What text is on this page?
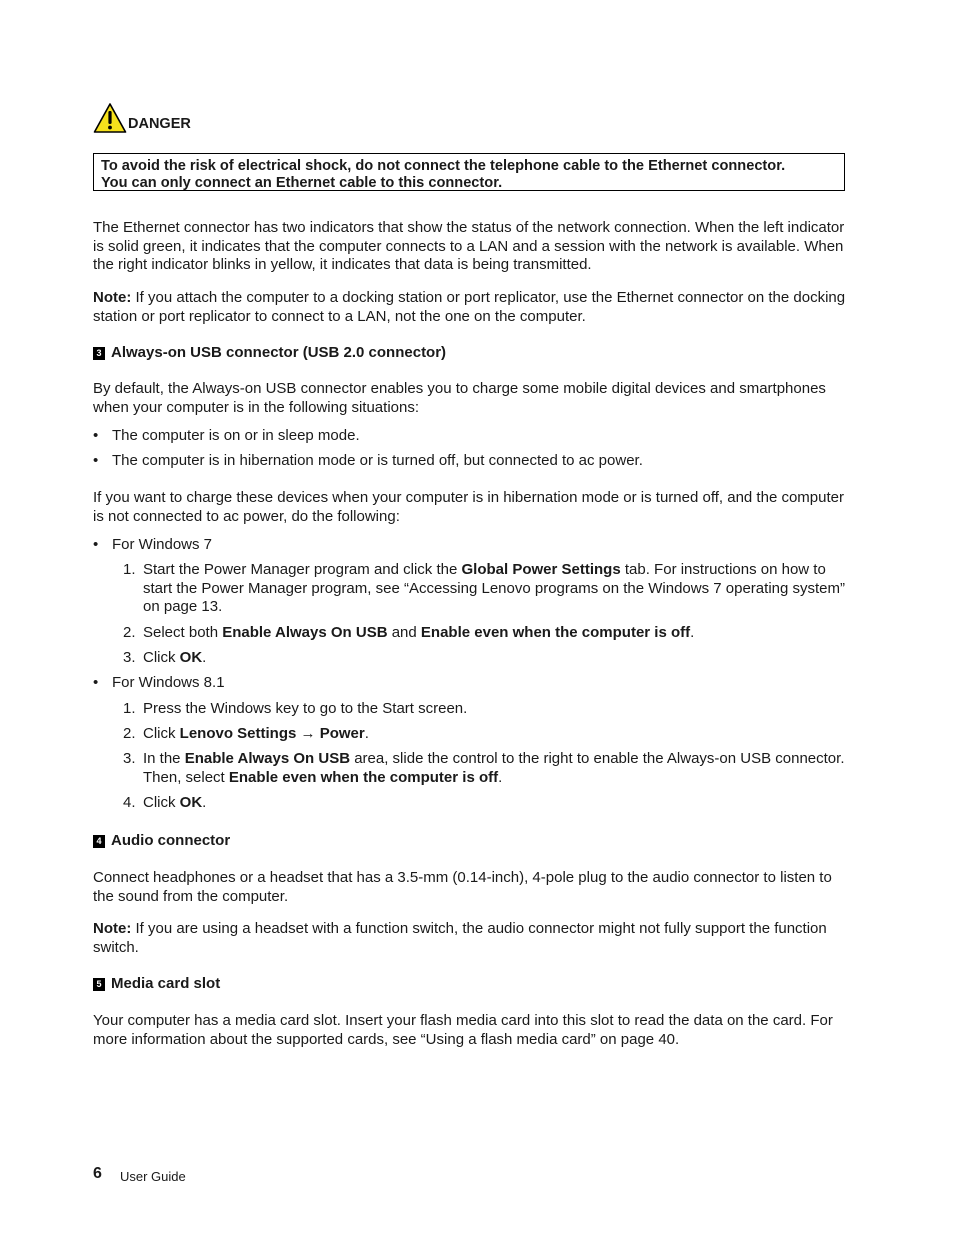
DANGER
To avoid the risk of electrical shock, do not connect the telephone cable to the Ethernet connector.
You can only connect an Ethernet cable to this connector.
The Ethernet connector has two indicators that show the status of the network connection. When the left indicator is solid green, it indicates that the computer connects to a LAN and a session with the network is available. When the right indicator blinks in yellow, it indicates that data is being transmitted.
Note: If you attach the computer to a docking station or port replicator, use the Ethernet connector on the docking station or port replicator to connect to a LAN, not the one on the computer.
3 Always-on USB connector (USB 2.0 connector)
By default, the Always-on USB connector enables you to charge some mobile digital devices and smartphones when your computer is in the following situations:
• The computer is on or in sleep mode.
• The computer is in hibernation mode or is turned off, but connected to ac power.
If you want to charge these devices when your computer is in hibernation mode or is turned off, and the computer is not connected to ac power, do the following:
• For Windows 7
1. Start the Power Manager program and click the Global Power Settings tab. For instructions on how to start the Power Manager program, see “Accessing Lenovo programs on the Windows 7 operating system” on page 13.
2. Select both Enable Always On USB and Enable even when the computer is off.
3. Click OK.
• For Windows 8.1
1. Press the Windows key to go to the Start screen.
2. Click Lenovo Settings → Power.
3. In the Enable Always On USB area, slide the control to the right to enable the Always-on USB connector. Then, select Enable even when the computer is off.
4. Click OK.
4 Audio connector
Connect headphones or a headset that has a 3.5-mm (0.14-inch), 4-pole plug to the audio connector to listen to the sound from the computer.
Note: If you are using a headset with a function switch, the audio connector might not fully support the function switch.
5 Media card slot
Your computer has a media card slot. Insert your flash media card into this slot to read the data on the card. For more information about the supported cards, see “Using a flash media card” on page 40.
6 User Guide
